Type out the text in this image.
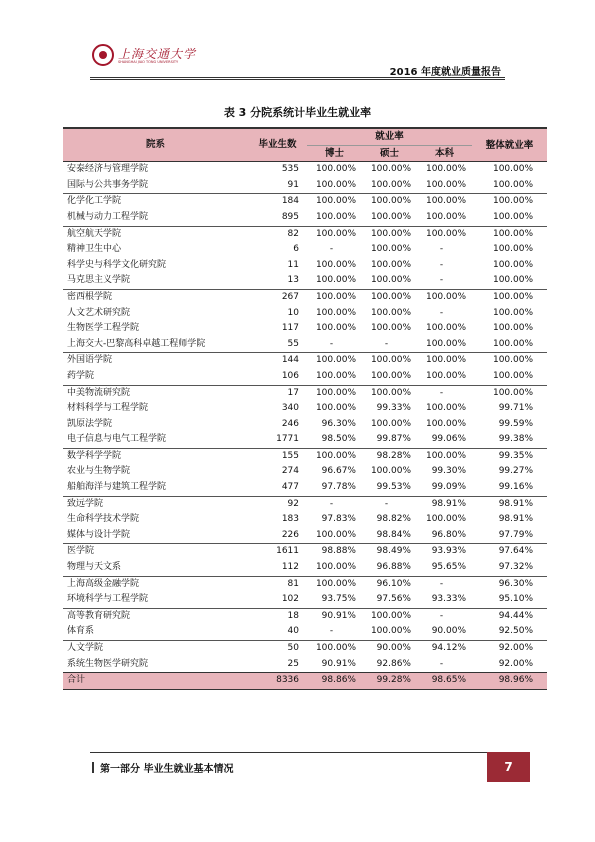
上海交通大学
SHANGHAI JIAO TONG UNIVERSITY
2016 年度就业质量报告
表 3 分院系统计毕业生就业率
院系	毕业生数	就业率			整体就业率
		博士	硕士	本科	
安泰经济与管理学院	535	100.00%	100.00%	100.00%	100.00%
国际与公共事务学院	91	100.00%	100.00%	100.00%	100.00%
化学化工学院	184	100.00%	100.00%	100.00%	100.00%
机械与动力工程学院	895	100.00%	100.00%	100.00%	100.00%
航空航天学院	82	100.00%	100.00%	100.00%	100.00%
精神卫生中心	6	-	100.00%	-	100.00%
科学史与科学文化研究院	11	100.00%	100.00%	-	100.00%
马克思主义学院	13	100.00%	100.00%	-	100.00%
密西根学院	267	100.00%	100.00%	100.00%	100.00%
人文艺术研究院	10	100.00%	100.00%	-	100.00%
生物医学工程学院	117	100.00%	100.00%	100.00%	100.00%
上海交大-巴黎高科卓越工程师学院	55	-	-	100.00%	100.00%
外国语学院	144	100.00%	100.00%	100.00%	100.00%
药学院	106	100.00%	100.00%	100.00%	100.00%
中美物流研究院	17	100.00%	100.00%	-	100.00%
材料科学与工程学院	340	100.00%	99.33%	100.00%	99.71%
凯原法学院	246	96.30%	100.00%	100.00%	99.59%
电子信息与电气工程学院	1771	98.50%	99.87%	99.06%	99.38%
数学科学学院	155	100.00%	98.28%	100.00%	99.35%
农业与生物学院	274	96.67%	100.00%	99.30%	99.27%
船舶海洋与建筑工程学院	477	97.78%	99.53%	99.09%	99.16%
致远学院	92	-	-	98.91%	98.91%
生命科学技术学院	183	97.83%	98.82%	100.00%	98.91%
媒体与设计学院	226	100.00%	98.84%	96.80%	97.79%
医学院	1611	98.88%	98.49%	93.93%	97.64%
物理与天文系	112	100.00%	96.88%	95.65%	97.32%
上海高级金融学院	81	100.00%	96.10%	-	96.30%
环境科学与工程学院	102	93.75%	97.56%	93.33%	95.10%
高等教育研究院	18	90.91%	100.00%	-	94.44%
体育系	40	-	100.00%	90.00%	92.50%
人文学院	50	100.00%	90.00%	94.12%	92.00%
系统生物医学研究院	25	90.91%	92.86%	-	92.00%
合计	8336	98.86%	99.28%	98.65%	98.96%
第一部分 毕业生就业基本情况	7
